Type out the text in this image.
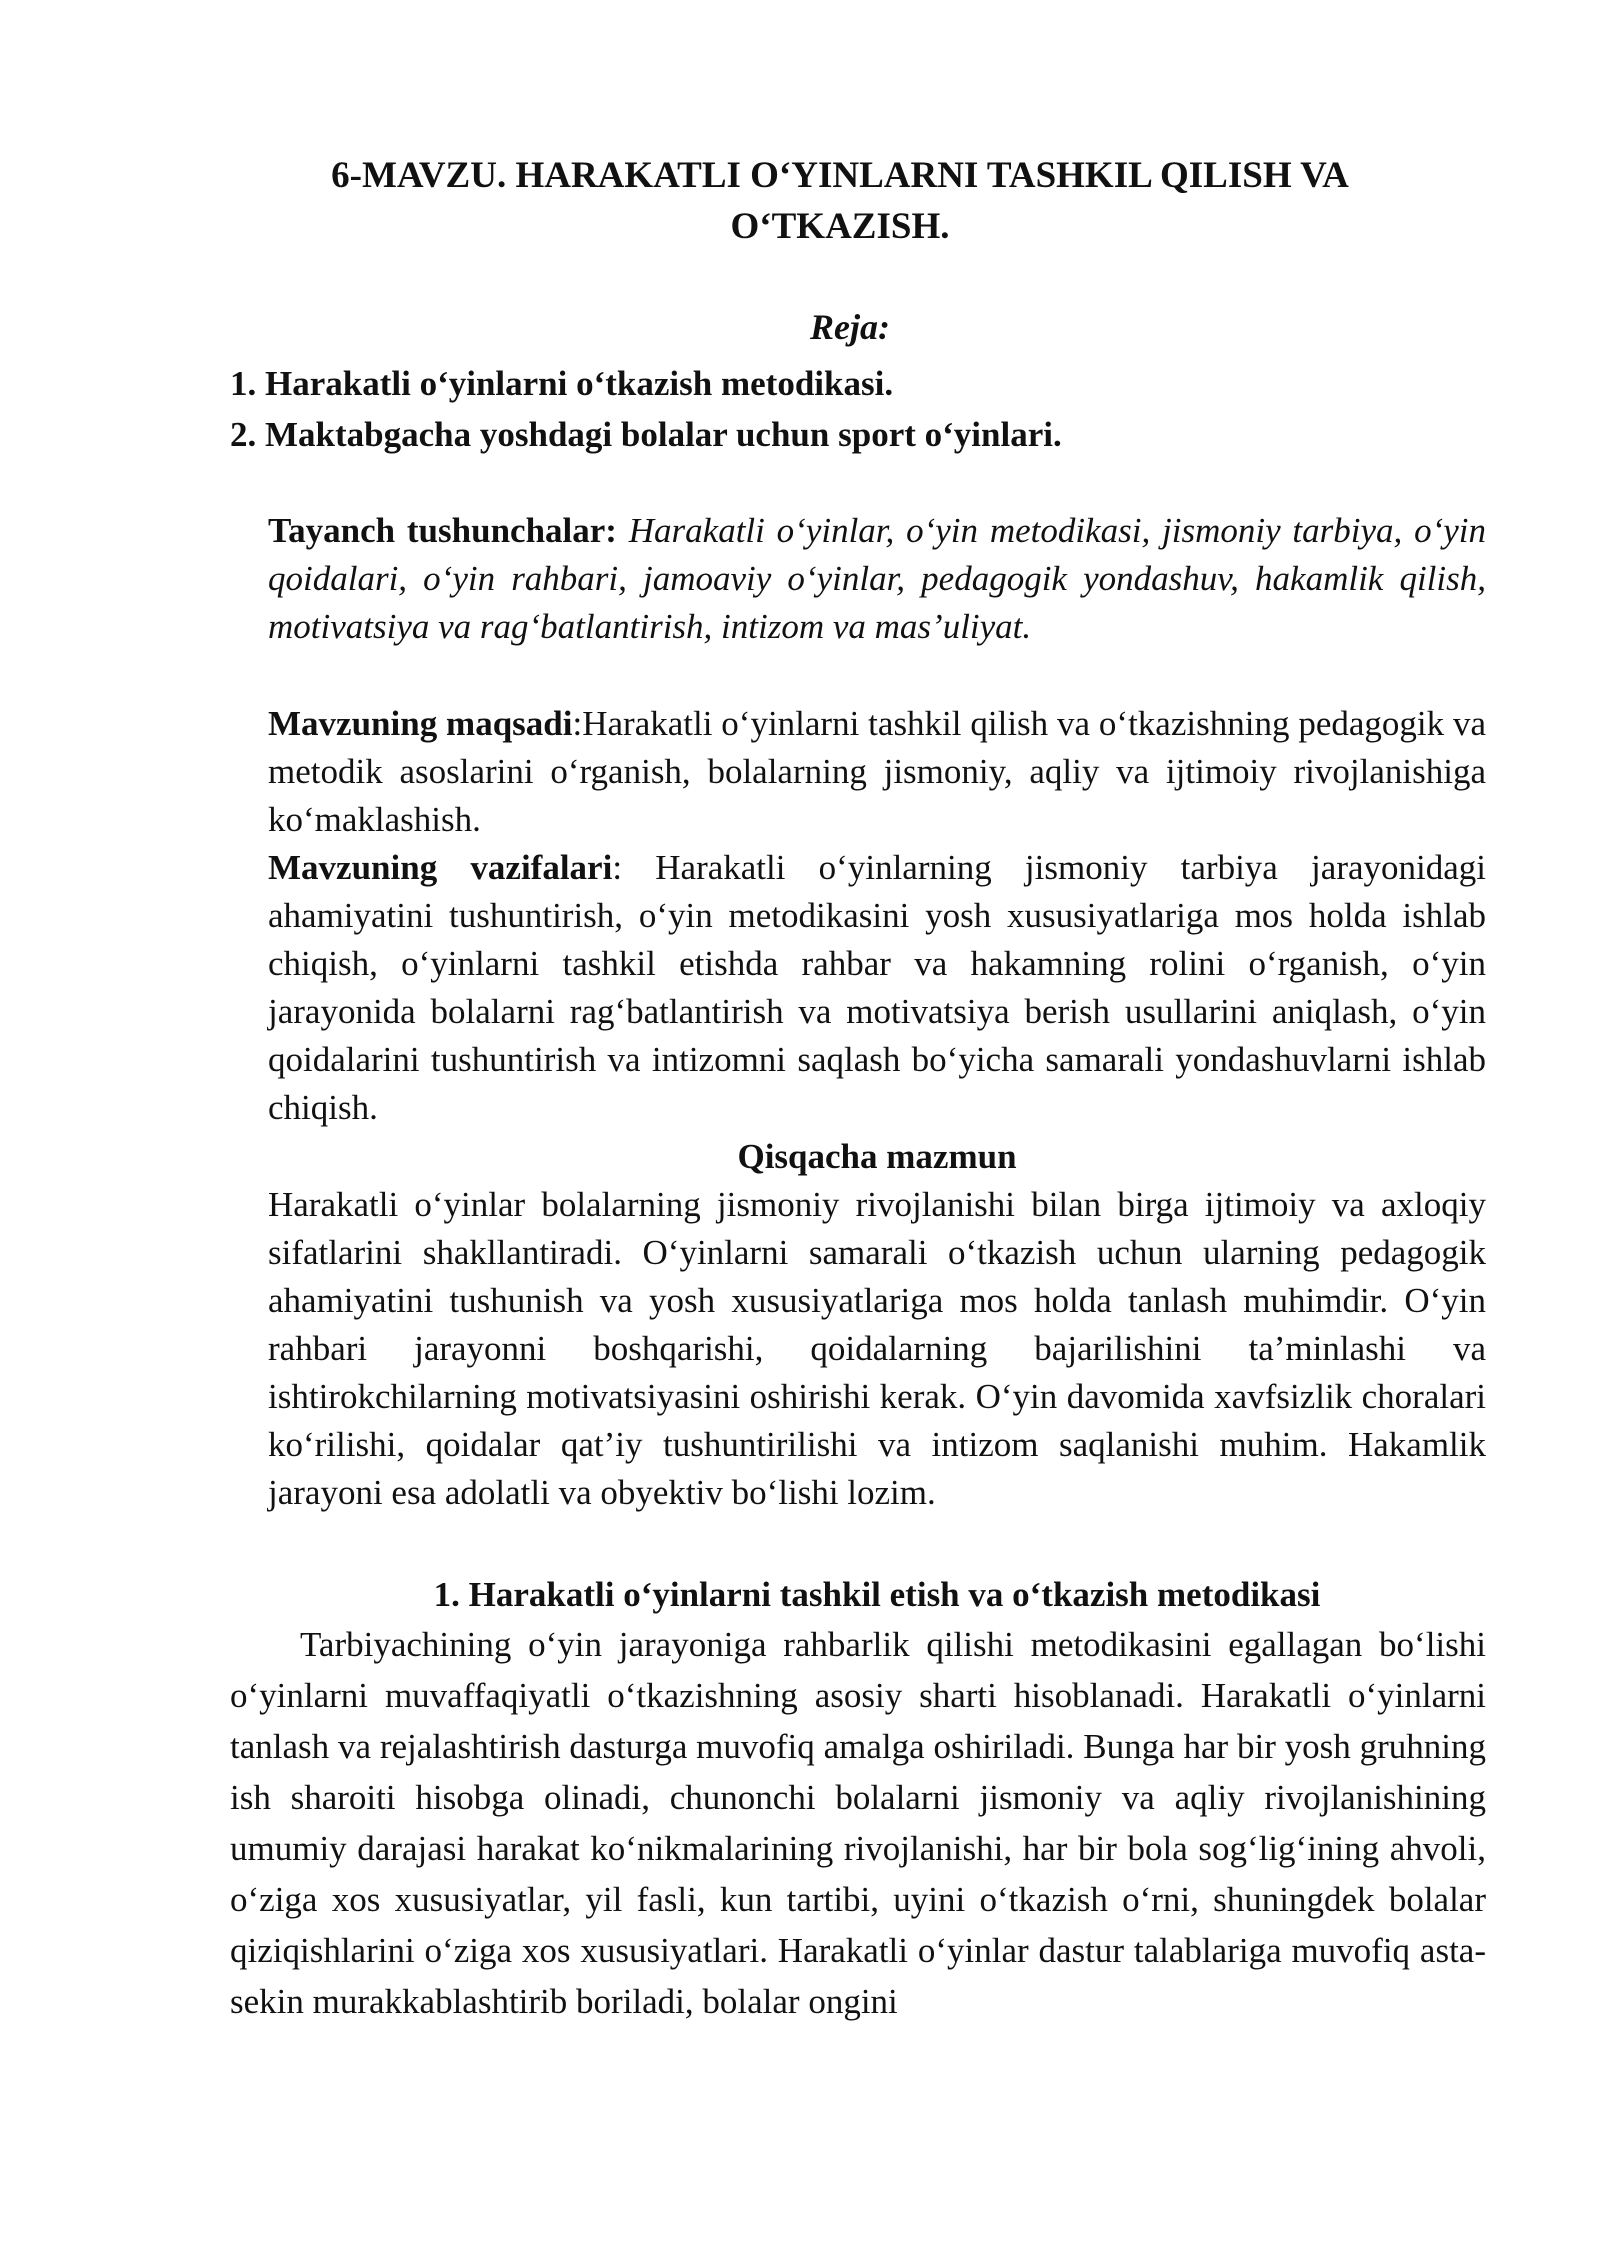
6-MAVZU. HARAKATLI O‘YINLARNI TASHKIL QILISH VA
O‘TKAZISH.

Reja:

1. Harakatli o‘yinlarni o‘tkazish metodikasi.
2. Maktabgacha yoshdagi bolalar uchun sport o‘yinlari.

Tayanch tushunchalar: Harakatli o‘yinlar, o‘yin metodikasi, jismoniy tarbiya, o‘yin qoidalari, o‘yin rahbari, jamoaviy o‘yinlar, pedagogik yondashuv, hakamlik qilish, motivatsiya va rag‘batlantirish, intizom va mas’uliyat.

Mavzuning maqsadi:Harakatli o‘yinlarni tashkil qilish va o‘tkazishning pedagogik va metodik asoslarini o‘rganish, bolalarning jismoniy, aqliy va ijtimoiy rivojlanishiga ko‘maklashish.

Mavzuning vazifalari: Harakatli o‘yinlarning jismoniy tarbiya jarayonidagi ahamiyatini tushuntirish, o‘yin metodikasini yosh xususiyatlariga mos holda ishlab chiqish, o‘yinlarni tashkil etishda rahbar va hakamning rolini o‘rganish, o‘yin jarayonida bolalarni rag‘batlantirish va motivatsiya berish usullarini aniqlash, o‘yin qoidalarini tushuntirish va intizomni saqlash bo‘yicha samarali yondashuvlarni ishlab chiqish.

Qisqacha mazmun

Harakatli o‘yinlar bolalarning jismoniy rivojlanishi bilan birga ijtimoiy va axloqiy sifatlarini shakllantiradi. O‘yinlarni samarali o‘tkazish uchun ularning pedagogik ahamiyatini tushunish va yosh xususiyatlariga mos holda tanlash muhimdir. O‘yin rahbari jarayonni boshqarishi, qoidalarning bajarilishini ta’minlashi va ishtirokchilarning motivatsiyasini oshirishi kerak. O‘yin davomida xavfsizlik choralari ko‘rilishi, qoidalar qat’iy tushuntirilishi va intizom saqlanishi muhim. Hakamlik jarayoni esa adolatli va obyektiv bo‘lishi lozim.

1. Harakatli o‘yinlarni tashkil etish va o‘tkazish metodikasi

Tarbiyachining o‘yin jarayoniga rahbarlik qilishi metodikasini egallagan bo‘lishi o‘yinlarni muvaffaqiyatli o‘tkazishning asosiy sharti hisoblanadi. Harakatli o‘yinlarni tanlash va rejalashtirish dasturga muvofiq amalga oshiriladi. Bunga har bir yosh gruhning ish sharoiti hisobga olinadi, chunonchi bolalarni jismoniy va aqliy rivojlanishining umumiy darajasi harakat ko‘nikmalarining rivojlanishi, har bir bola sog‘lig‘ining ahvoli, o‘ziga xos xususiyatlar, yil fasli, kun tartibi, uyini o‘tkazish o‘rni, shuningdek bolalar qiziqishlarini o‘ziga xos xususiyatlari. Harakatli o‘yinlar dastur talablariga muvofiq asta-sekin murakkablashtirib boriladi, bolalar ongini
